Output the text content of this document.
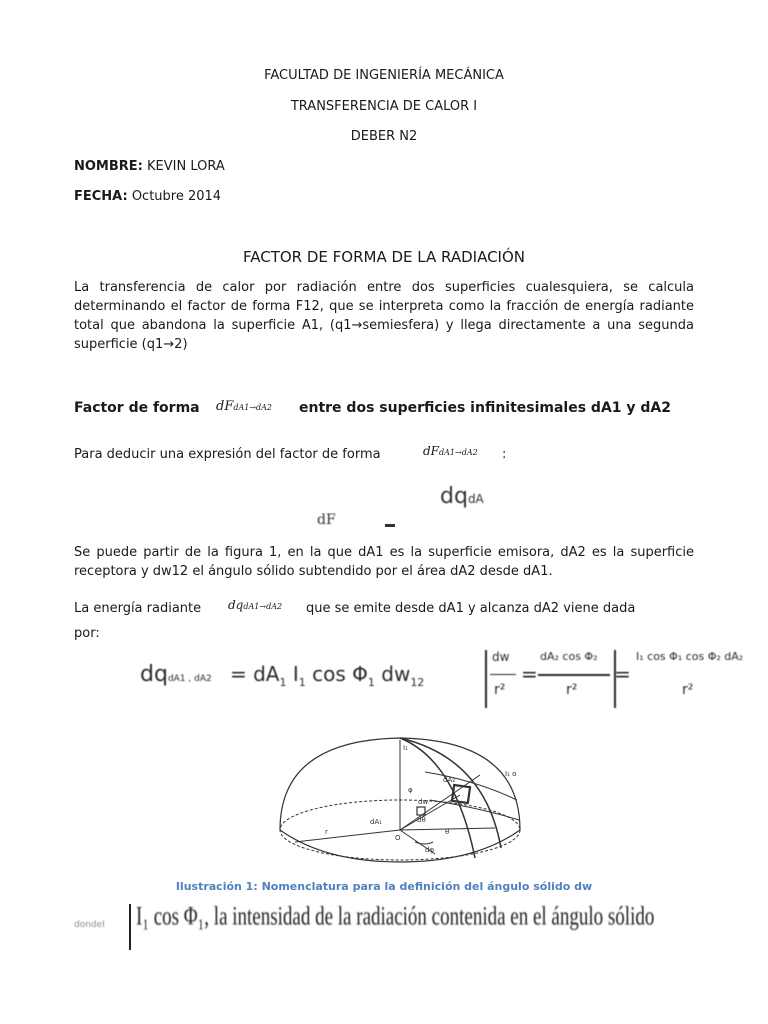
FACULTAD DE INGENIERÍA MECÁNICA
TRANSFERENCIA DE CALOR I
DEBER N2
NOMBRE: KEVIN LORA
FECHA: Octubre 2014
FACTOR DE FORMA DE LA RADIACIÓN
La transferencia de calor por radiación entre dos superficies cualesquiera, se calcula determinando el factor de forma F12, que se interpreta como la fracción de energía radiante total que abandona la superficie A1, (q1→semiesfera) y llega directamente a una segunda superficie (q1→2)
Factor de forma dFdA1→dA2 entre dos superficies infinitesimales dA1 y dA2
Para deducir una expresión del factor de forma	dFdA1→dA2 :
dF
dqdA
Se puede partir de la figura 1, en la que dA1 es la superficie emisora, dA2 es la superficie receptora y dw12 el ángulo sólido subtendido por el área dA2 desde dA1.
La energía radiante dqdA1→dA2 que se emite desde dA1 y alcanza dA2 viene dada
por:
dqdA1 , $dA2 = dA_1$ $I_1$ $\cos \Phi_1$ $dw_{12}$
dw
r²
=
dA₂ cos Φ₂
r²
=
I₁ cos Φ₁ cos Φ₂ dA₂
r²
I₁
I₁ o
dA₂
dA₁
dw
φ
r
O
dφ
dθ
θ
Ilustración 1: Nomenclatura para la definición del ángulo sólido dw
dondeI I₁ cos Φ₁, la intensidad de la radiación contenida en el ángulo sólido
